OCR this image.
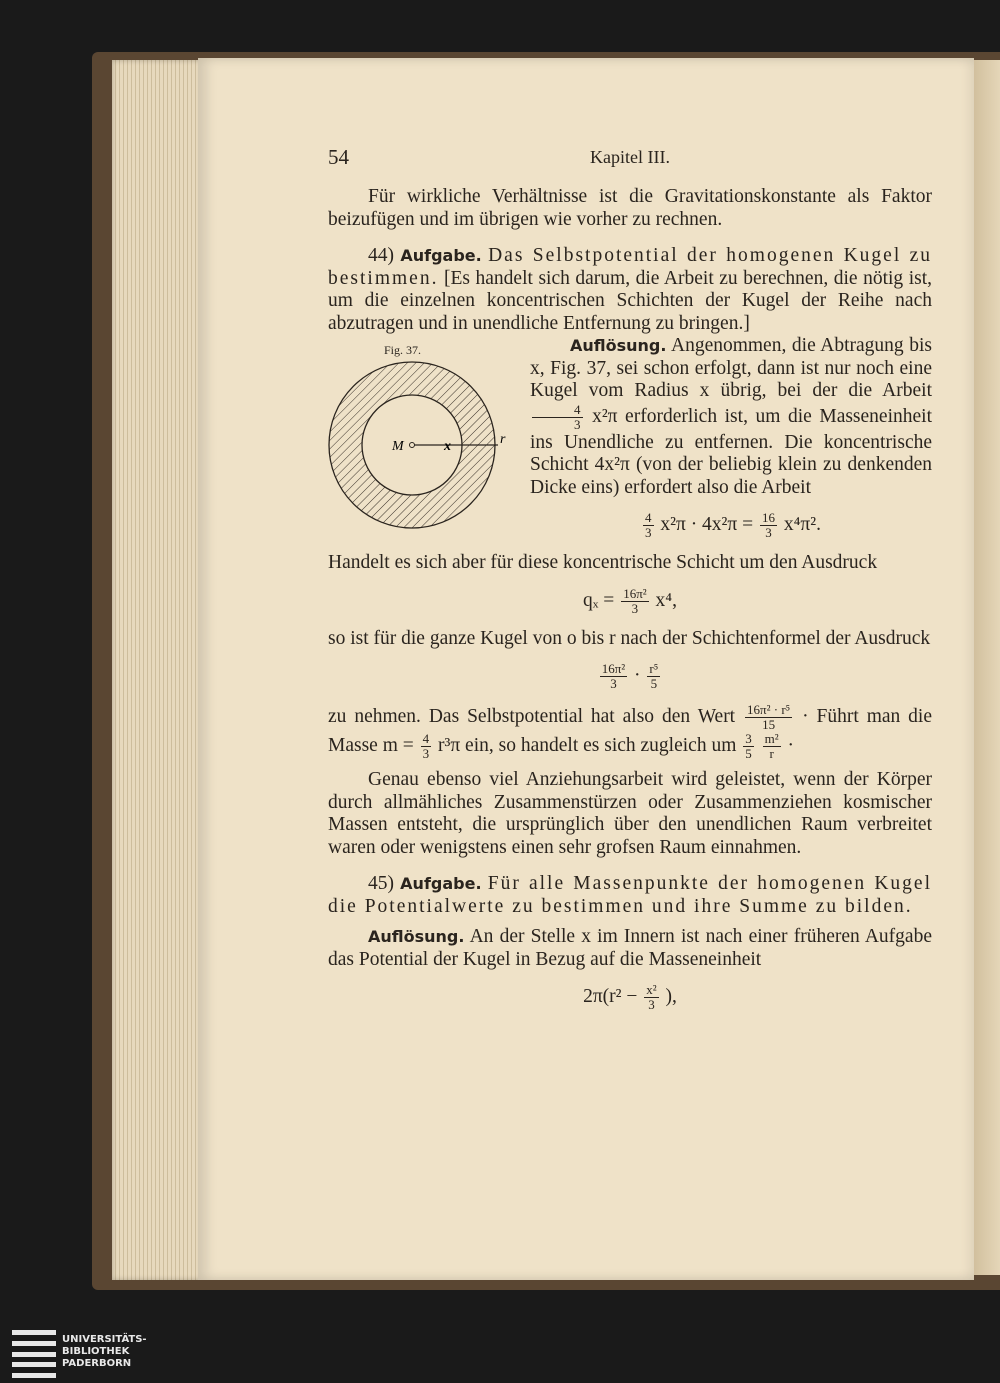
54	Kapitel III.

Für wirkliche Verhältnisse ist die Gravitationskonstante als Faktor beizufügen und im übrigen wie vorher zu rechnen.

44) Aufgabe. Das Selbstpotential der homogenen Kugel zu bestimmen. [Es handelt sich darum, die Arbeit zu berechnen, die nötig ist, um die einzelnen koncentrischen Schichten der Kugel der Reihe nach abzutragen und in unendliche Entfernung zu bringen.]

Fig. 37.
M	x	r

Auflösung. Angenommen, die Abtragung bis x, Fig. 37, sei schon erfolgt, dann ist nur noch eine Kugel vom Radius x übrig, bei der die Arbeit
$\frac{4}{3} x^2\pi$ erforderlich ist, um die Masseneinheit ins Unendliche zu entfernen. Die koncentrische Schicht 4x²π (von der beliebig klein zu denkenden Dicke eins) erfordert also die Arbeit

$\frac{4}{3} x^2\pi \cdot 4x^2\pi = \frac{16}{3} x^4\pi^2$.

Handelt es sich aber für diese koncentrische Schicht um den Ausdruck

$q_x = \frac{\text{16π²}}{3} x^4$,

so ist für die ganze Kugel von o bis r nach der Schichtenformel der Ausdruck

$\frac{\text{16π²}}{3} \cdot \frac{\text{r⁵}}{5}$

zu nehmen. Das Selbstpotential hat also den Wert $\frac{\text{16π² · r⁵}}{15}$ · Führt man die Masse $m = \frac{4}{3} r^3\pi$ ein, so handelt es sich zugleich um $\frac{3}{5}$
$\frac{\text{m²}}{r}$ ·

Genau ebenso viel Anziehungsarbeit wird geleistet, wenn der Körper durch allmähliches Zusammenstürzen oder Zusammenziehen kosmischer Massen entsteht, die ursprünglich über den unendlichen Raum verbreitet waren oder wenigstens einen sehr grofsen Raum einnahmen.

45) Aufgabe. Für alle Massenpunkte der homogenen Kugel die Potentialwerte zu bestimmen und ihre Summe zu bilden.

Auflösung. An der Stelle x im Innern ist nach einer früheren Aufgabe das Potential der Kugel in Bezug auf die Masseneinheit

$2\pi(r^2 - \frac{\text{x²}}{3}$ ),
UNIVERSITÄTS-
BIBLIOTHEK
PADERBORN
